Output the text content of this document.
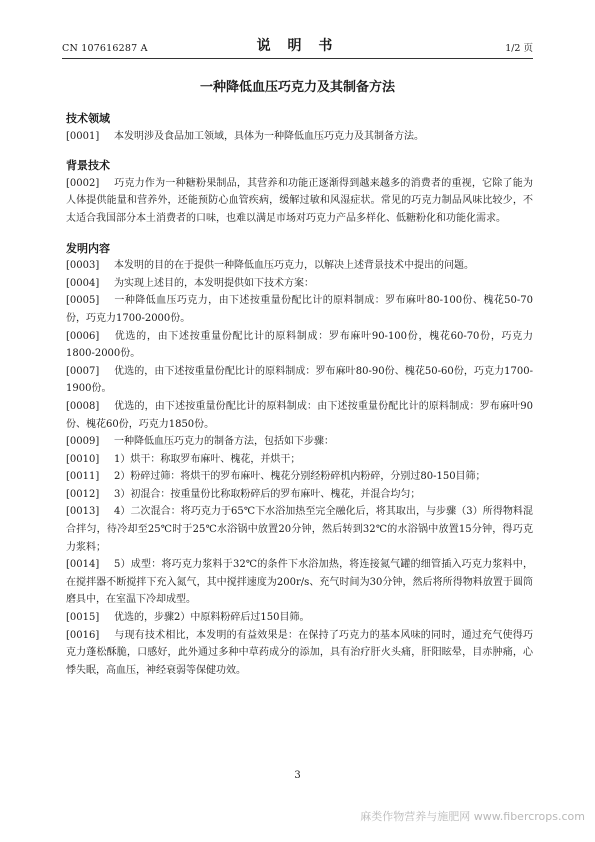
CN 107616287 A	说 明 书	1/2 页
一种降低血压巧克力及其制备方法

技术领域

[0001] 本发明涉及食品加工领域，具体为一种降低血压巧克力及其制备方法。

背景技术

[0002] 巧克力作为一种糖粉果制品，其营养和功能正逐渐得到越来越多的消费者的重视，它除了能为人体提供能量和营养外，还能预防心血管疾病，缓解过敏和风湿症状。常见的巧克力制品风味比较少，不太适合我国部分本土消费者的口味，也难以满足市场对巧克力产品多样化、低糖粉化和功能化需求。

发明内容

[0003] 本发明的目的在于提供一种降低血压巧克力，以解决上述背景技术中提出的问题。

[0004] 为实现上述目的，本发明提供如下技术方案：

[0005] 一种降低血压巧克力，由下述按重量份配比计的原料制成：罗布麻叶80-100份、槐花50-70份，巧克力1700-2000份。

[0006] 优选的，由下述按重量份配比计的原料制成：罗布麻叶90-100份，槐花60-70份，巧克力1800-2000份。

[0007] 优选的，由下述按重量份配比计的原料制成：罗布麻叶80-90份、槐花50-60份，巧克力1700-1900份。

[0008] 优选的，由下述按重量份配比计的原料制成：由下述按重量份配比计的原料制成：罗布麻叶90份、槐花60份，巧克力1850份。

[0009] 一种降低血压巧克力的制备方法，包括如下步骤：

[0010] 1）烘干：称取罗布麻叶、槐花，并烘干；

[0011] 2）粉碎过筛：将烘干的罗布麻叶、槐花分别经粉碎机内粉碎，分别过80-150目筛；

[0012] 3）初混合：按重量份比称取粉碎后的罗布麻叶、槐花，并混合均匀；

[0013] 4）二次混合：将巧克力于65℃下水浴加热至完全融化后，将其取出，与步骤（3）所得物料混合拌匀，待冷却至25℃时于25℃水浴锅中放置20分钟，然后转到32℃的水浴锅中放置15分钟，得巧克力浆料；

[0014] 5）成型：将巧克力浆料于32℃的条件下水浴加热，将连接氮气罐的细管插入巧克力浆料中，在搅拌器不断搅拌下充入氮气，其中搅拌速度为200r/s、充气时间为30分钟，然后将所得物料放置于圆筒磨具中，在室温下冷却成型。

[0015] 优选的，步骤2）中原料粉碎后过150目筛。

[0016] 与现有技术相比，本发明的有益效果是：在保持了巧克力的基本风味的同时，通过充气使得巧克力蓬松酥脆，口感好，此外通过多种中草药成分的添加，具有治疗肝火头痛，肝阳眩晕，目赤肿痛，心悸失眠，高血压，神经衰弱等保健功效。

3
麻类作物营养与施肥网 www.fibercrops.com
